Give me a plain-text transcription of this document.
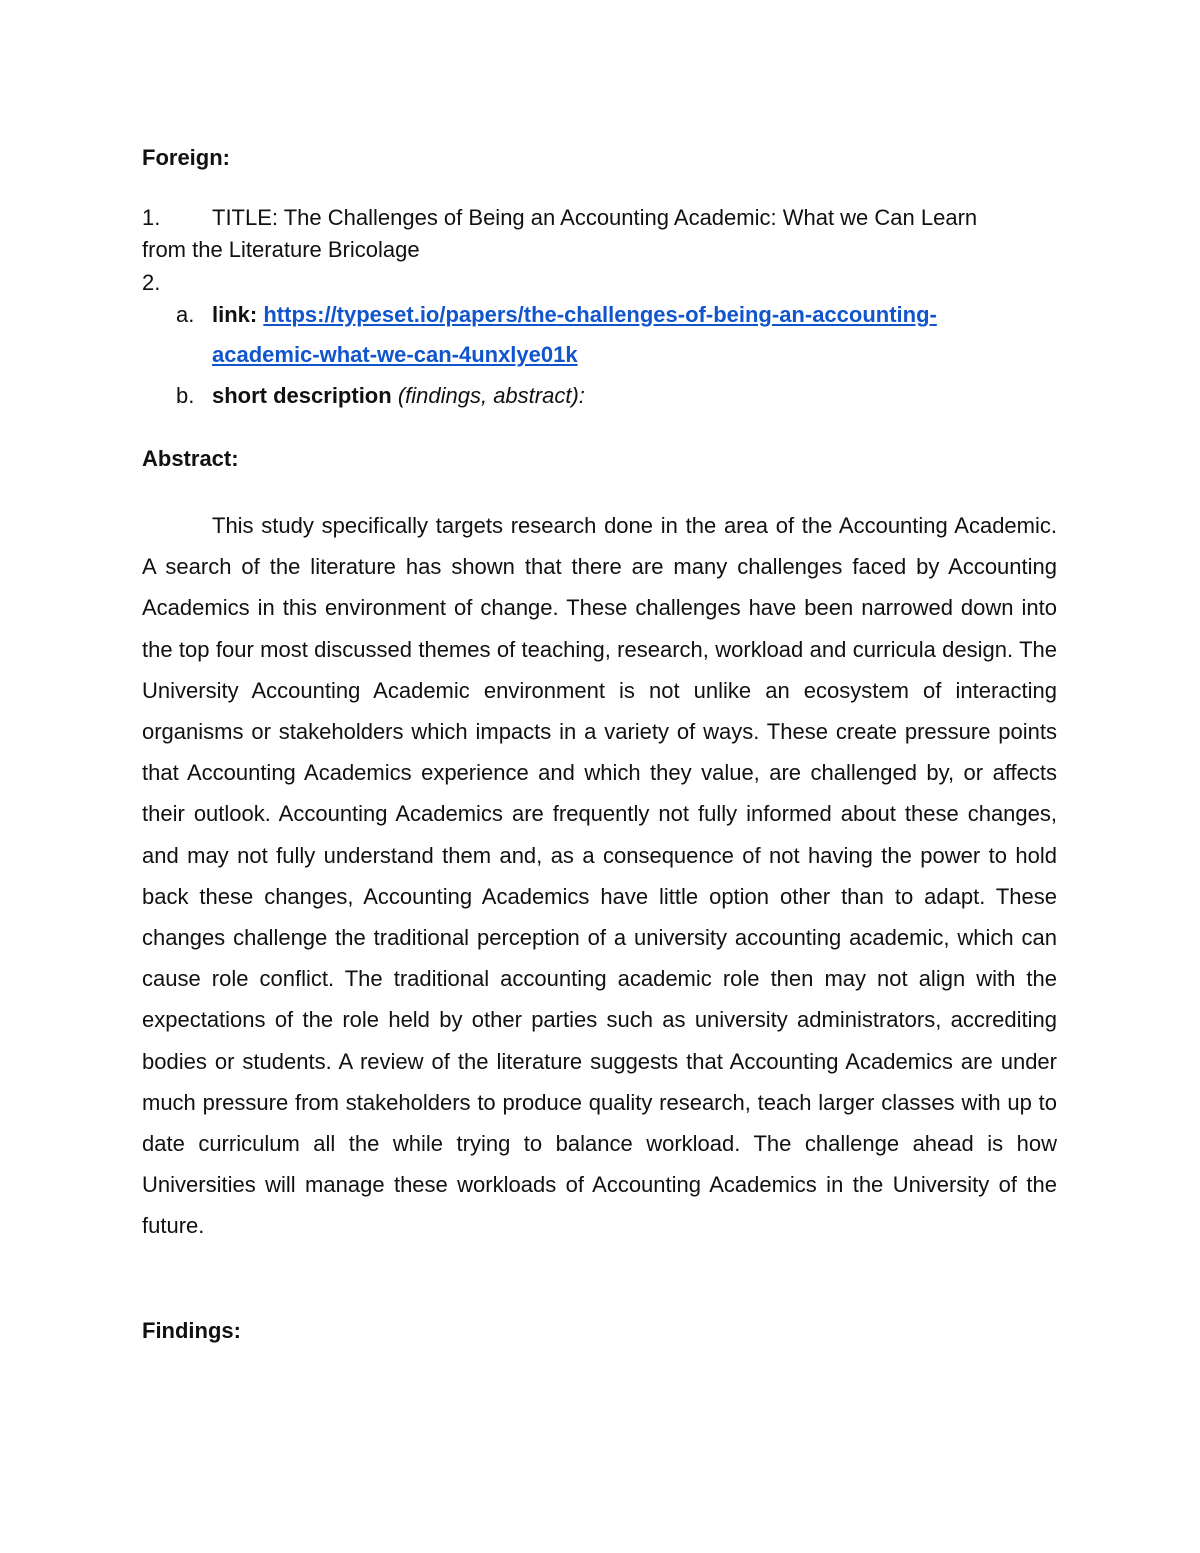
Foreign:
1. TITLE: The Challenges of Being an Accounting Academic: What we Can Learn
from the Literature Bricolage
2.
a. link: https://typeset.io/papers/the-challenges-of-being-an-accounting-
academic-what-we-can-4unxlye01k
b. short description (findings, abstract):
Abstract:

This study specifically targets research done in the area of the Accounting Academic. A search of the literature has shown that there are many challenges faced by Accounting Academics in this environment of change. These challenges have been narrowed down into the top four most discussed themes of teaching, research, workload and curricula design. The University Accounting Academic environment is not unlike an ecosystem of interacting organisms or stakeholders which impacts in a variety of ways. These create pressure points that Accounting Academics experience and which they value, are challenged by, or affects their outlook. Accounting Academics are frequently not fully informed about these changes, and may not fully understand them and, as a consequence of not having the power to hold back these changes, Accounting Academics have little option other than to adapt. These changes challenge the traditional perception of a university accounting academic, which can cause role conflict. The traditional accounting academic role then may not align with the expectations of the role held by other parties such as university administrators, accrediting bodies or students. A review of the literature suggests that Accounting Academics are under much pressure from stakeholders to produce quality research, teach larger classes with up to date curriculum all the while trying to balance workload. The challenge ahead is how Universities will manage these workloads of Accounting Academics in the University of the future.

Findings:
